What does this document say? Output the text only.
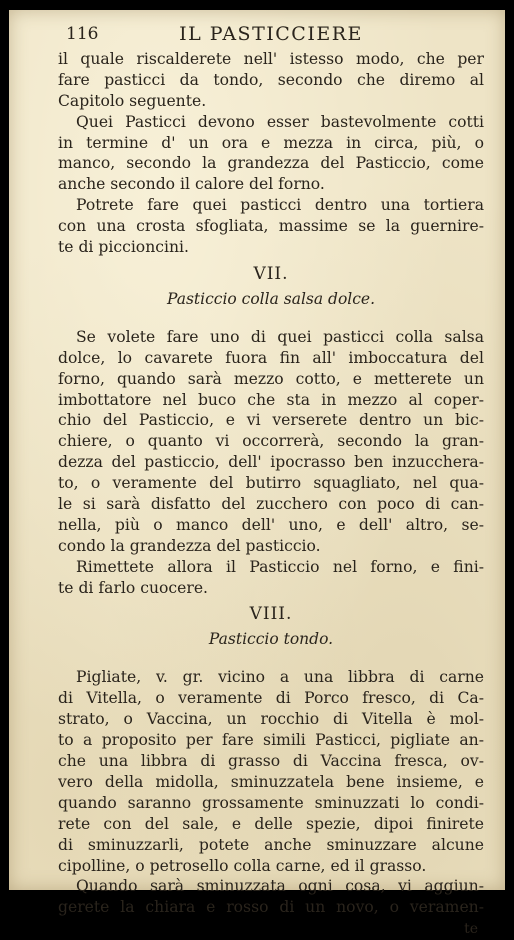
116	IL PASTICCIERE
il quale riscalderete nell' istesso modo, che per
fare pasticci da tondo, secondo che diremo al
Capitolo seguente.
Quei Pasticci devono esser bastevolmente cotti
in termine d' un ora e mezza in circa, più, o
manco, secondo la grandezza del Pasticcio, come
anche secondo il calore del forno.
Potrete fare quei pasticci dentro una tortiera
con una crosta sfogliata, massime se la guernire-
te di piccioncini.
VII.
Pasticcio colla salsa dolce.
Se volete fare uno di quei pasticci colla salsa
dolce, lo cavarete fuora fin all' imboccatura del
forno, quando sarà mezzo cotto, e metterete un
imbottatore nel buco che sta in mezzo al coper-
chio del Pasticcio, e vi verserete dentro un bic-
chiere, o quanto vi occorrerà, secondo la gran-
dezza del pasticcio, dell' ipocrasso ben inzucchera-
to, o veramente del butirro squagliato, nel qua-
le si sarà disfatto del zucchero con poco di can-
nella, più o manco dell' uno, e dell' altro, se-
condo la grandezza del pasticcio.
Rimettete allora il Pasticcio nel forno, e fini-
te di farlo cuocere.
VIII.
Pasticcio tondo.
Pigliate, v. gr. vicino a una libbra di carne
di Vitella, o veramente di Porco fresco, di Ca-
strato, o Vaccina, un rocchio di Vitella è mol-
to a proposito per fare simili Pasticci, pigliate an-
che una libbra di grasso di Vaccina fresca, ov-
vero della midolla, sminuzzatela bene insieme, e
quando saranno grossamente sminuzzati lo condi-
rete con del sale, e delle spezie, dipoi finirete
di sminuzzarli, potete anche sminuzzare alcune
cipolline, o petrosello colla carne, ed il grasso.
Quando sarà sminuzzata ogni cosa, vi aggiun-
gerete la chiara e rosso di un novo, o veramen-
te
